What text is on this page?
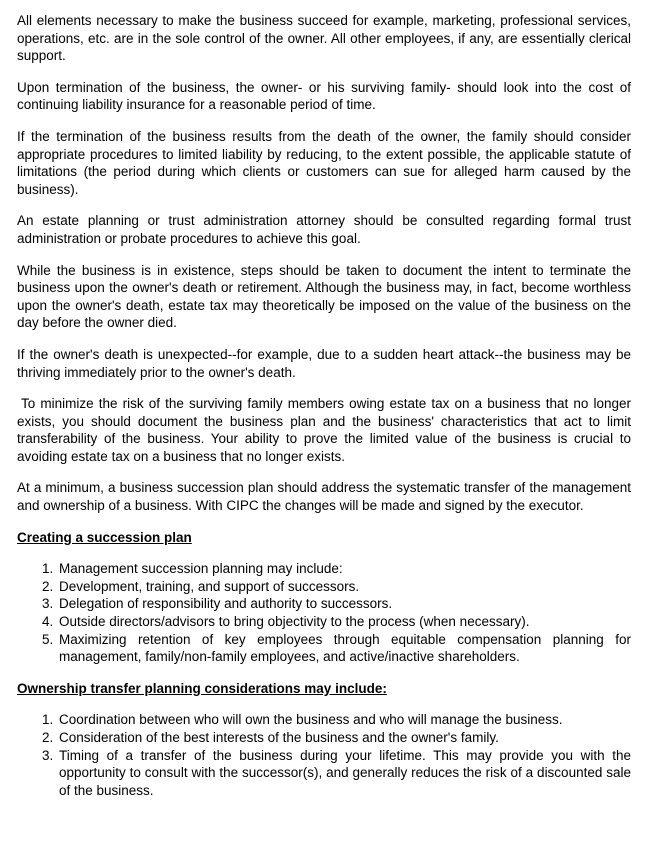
All elements necessary to make the business succeed for example, marketing, professional services, operations, etc. are in the sole control of the owner. All other employees, if any, are essentially clerical support.

Upon termination of the business, the owner- or his surviving family- should look into the cost of continuing liability insurance for a reasonable period of time.

If the termination of the business results from the death of the owner, the family should consider appropriate procedures to limited liability by reducing, to the extent possible, the applicable statute of limitations (the period during which clients or customers can sue for alleged harm caused by the business).

An estate planning or trust administration attorney should be consulted regarding formal trust administration or probate procedures to achieve this goal.

While the business is in existence, steps should be taken to document the intent to terminate the business upon the owner's death or retirement. Although the business may, in fact, become worthless upon the owner's death, estate tax may theoretically be imposed on the value of the business on the day before the owner died.

If the owner's death is unexpected--for example, due to a sudden heart attack--the business may be thriving immediately prior to the owner's death.

To minimize the risk of the surviving family members owing estate tax on a business that no longer exists, you should document the business plan and the business' characteristics that act to limit transferability of the business. Your ability to prove the limited value of the business is crucial to avoiding estate tax on a business that no longer exists.

At a minimum, a business succession plan should address the systematic transfer of the management and ownership of a business. With CIPC the changes will be made and signed by the executor.

Creating a succession plan
1. Management succession planning may include:
2. Development, training, and support of successors.
3. Delegation of responsibility and authority to successors.
4. Outside directors/advisors to bring objectivity to the process (when necessary).
5. Maximizing retention of key employees through equitable compensation planning for management, family/non-family employees, and active/inactive shareholders.
Ownership transfer planning considerations may include:
1. Coordination between who will own the business and who will manage the business.
2. Consideration of the best interests of the business and the owner's family.
3. Timing of a transfer of the business during your lifetime. This may provide you with the opportunity to consult with the successor(s), and generally reduces the risk of a discounted sale of the business.
